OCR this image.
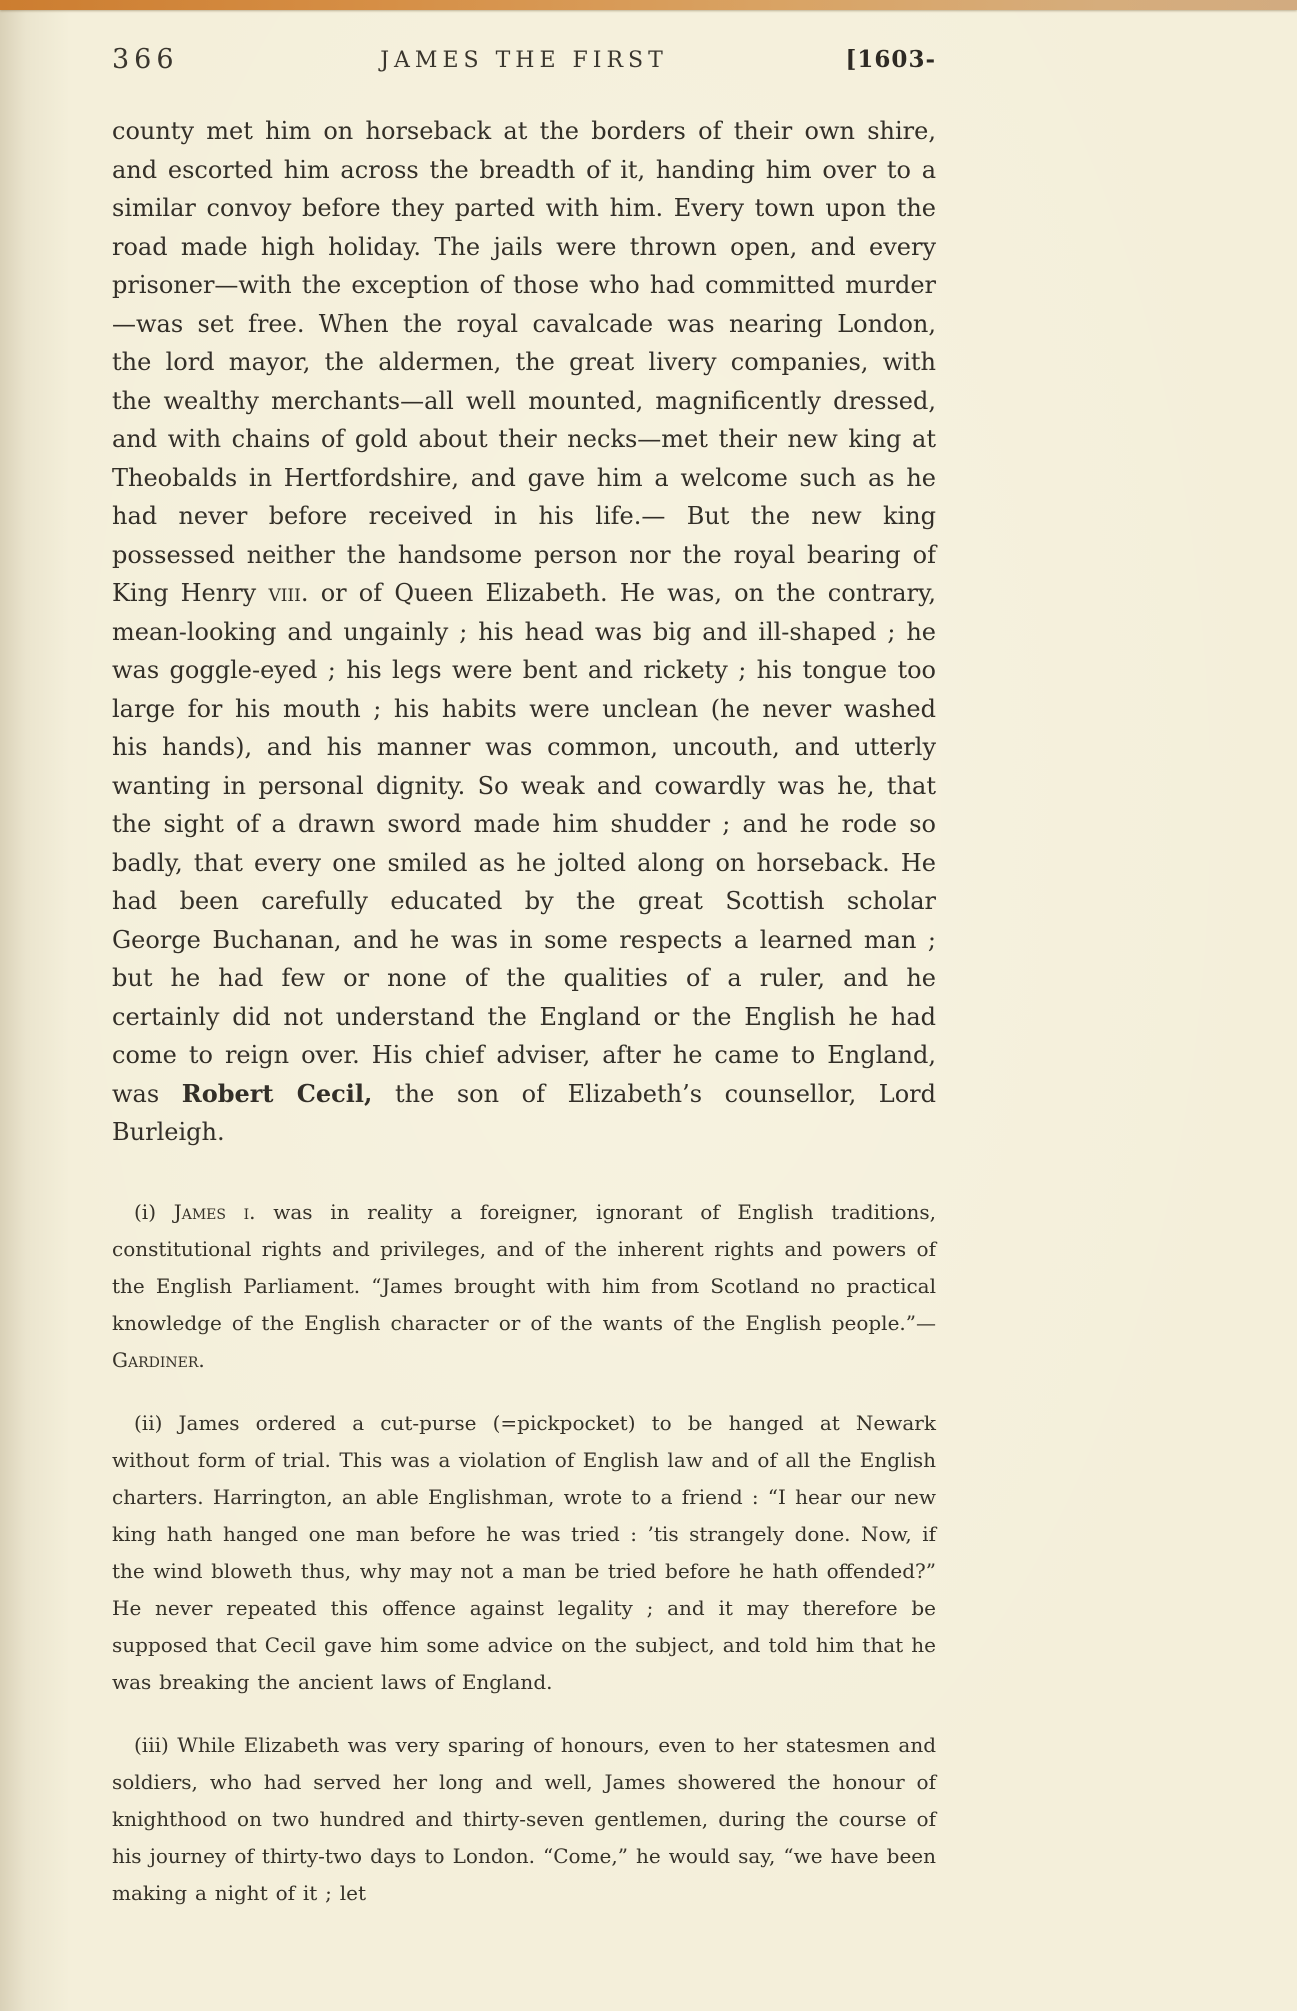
366	JAMES THE FIRST	[1603-

county met him on horseback at the borders of their own shire, and escorted him across the breadth of it, handing him over to a similar convoy before they parted with him. Every town upon the road made high holiday. The jails were thrown open, and every prisoner—with the exception of those who had committed murder—was set free. When the royal cavalcade was nearing London, the lord mayor, the aldermen, the great livery companies, with the wealthy merchants—all well mounted, magnificently dressed, and with chains of gold about their necks—met their new king at Theobalds in Hertfordshire, and gave him a welcome such as he had never before received in his life.— But the new king possessed neither the handsome person nor the royal bearing of King Henry viii. or of Queen Elizabeth. He was, on the contrary, mean-looking and ungainly ; his head was big and ill-shaped ; he was goggle-eyed ; his legs were bent and rickety ; his tongue too large for his mouth ; his habits were unclean (he never washed his hands), and his manner was common, uncouth, and utterly wanting in personal dignity. So weak and cowardly was he, that the sight of a drawn sword made him shudder ; and he rode so badly, that every one smiled as he jolted along on horseback. He had been carefully educated by the great Scottish scholar George Buchanan, and he was in some respects a learned man ; but he had few or none of the qualities of a ruler, and he certainly did not understand the England or the English he had come to reign over. His chief adviser, after he came to England, was Robert Cecil, the son of Elizabeth’s counsellor, Lord Burleigh.

(i) James i. was in reality a foreigner, ignorant of English traditions, constitutional rights and privileges, and of the inherent rights and powers of the English Parliament. “James brought with him from Scotland no practical knowledge of the English character or of the wants of the English people.”—Gardiner.

(ii) James ordered a cut-purse (=pickpocket) to be hanged at Newark without form of trial. This was a violation of English law and of all the English charters. Harrington, an able Englishman, wrote to a friend : “I hear our new king hath hanged one man before he was tried : ’tis strangely done. Now, if the wind bloweth thus, why may not a man be tried before he hath offended?” He never repeated this offence against legality ; and it may therefore be supposed that Cecil gave him some advice on the subject, and told him that he was breaking the ancient laws of England.

(iii) While Elizabeth was very sparing of honours, even to her statesmen and soldiers, who had served her long and well, James showered the honour of knighthood on two hundred and thirty-seven gentlemen, during the course of his journey of thirty-two days to London. “Come,” he would say, “we have been making a night of it ; let
